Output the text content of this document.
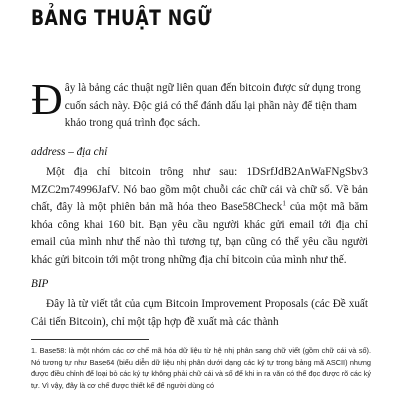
BẢNG THUẬT NGỮ

Đây là bảng các thuật ngữ liên quan đến bitcoin được sử dụng trong cuốn sách này. Độc giả có thể đánh dấu lại phần này để tiện tham khảo trong quá trình đọc sách.

address – địa chỉ

Một địa chỉ bitcoin trông như sau: 1DSrfJdB2AnWaFNgSbv3 MZC2m74996JafV. Nó bao gồm một chuỗi các chữ cái và chữ số. Về bản chất, đây là một phiên bản mã hóa theo Base58Check$^1$ của một mã băm khóa công khai 160 bit. Bạn yêu cầu người khác gửi email tới địa chỉ email của mình như thế nào thì tương tự, bạn cũng có thể yêu cầu người khác gửi bitcoin tới một trong những địa chỉ bitcoin của mình như thế.

BIP

Đây là từ viết tắt của cụm Bitcoin Improvement Proposals (các Đề xuất Cải tiến Bitcoin), chỉ một tập hợp đề xuất mà các thành

1. Base58: là một nhóm các cơ chế mã hóa dữ liệu từ hệ nhị phân sang chữ viết (gồm chữ cái và số). Nó tương tự như Base64 (biểu diễn dữ liệu nhị phân dưới dạng các ký tự trong bảng mã ASCII) nhưng được điều chỉnh để loại bỏ các ký tự không phải chữ cái và số để khi in ra văn có thể đọc được rõ các ký tự. Vì vậy, đây là cơ chế được thiết kế để người dùng có
